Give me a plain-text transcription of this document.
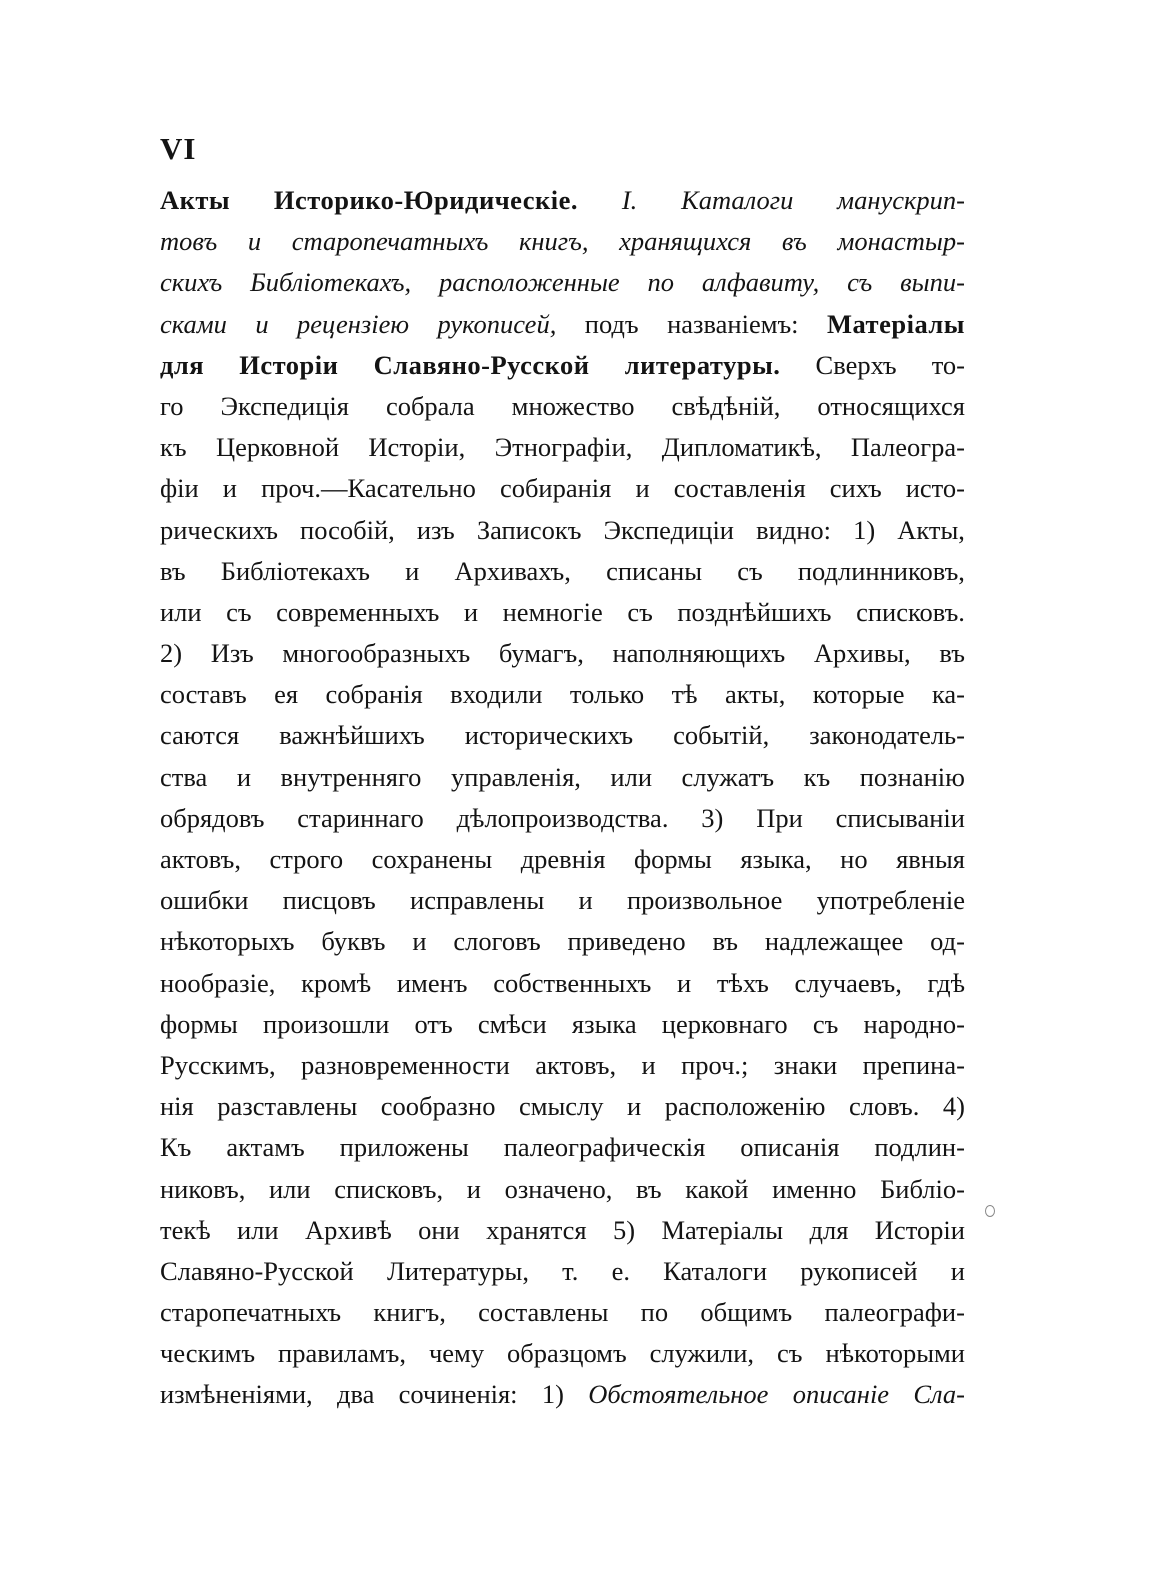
VI
Акты Историко-Юридическіе. I. Каталоги манускрип-
товъ и старопечатныхъ книгъ, хранящихся въ монастыр-
скихъ Библіотекахъ, расположенные по алфавиту, съ выпи-
сками и рецензіею рукописей, подъ названіемъ: Матеріалы
для Исторіи Славяно-Русской литературы. Сверхъ то-
го Экспедиція собрала множество свѣдѣній, относящихся
къ Церковной Исторіи, Этнографіи, Дипломатикѣ, Палеогра-
фіи и проч.—Касательно собиранія и составленія сихъ исто-
рическихъ пособій, изъ Записокъ Экспедиціи видно: 1) Акты,
въ Библіотекахъ и Архивахъ, списаны съ подлинниковъ,
или съ современныхъ и немногіе съ позднѣйшихъ списковъ.
2) Изъ многообразныхъ бумагъ, наполняющихъ Архивы, въ
составъ ея собранія входили только тѣ акты, которые ка-
саются важнѣйшихъ историческихъ событій, законодатель-
ства и внутренняго управленія, или служатъ къ познанію
обрядовъ стариннаго дѣлопроизводства. 3) При списываніи
актовъ, строго сохранены древнія формы языка, но явныя
ошибки писцовъ исправлены и произвольное употребленіе
нѣкоторыхъ буквъ и слоговъ приведено въ надлежащее од-
нообразіе, кромѣ именъ собственныхъ и тѣхъ случаевъ, гдѣ
формы произошли отъ смѣси языка церковнаго съ народно-
Русскимъ, разновременности актовъ, и проч.; знаки препина-
нія разставлены сообразно смыслу и расположенію словъ. 4)
Къ актамъ приложены палеографическія описанія подлин-
никовъ, или списковъ, и означено, въ какой именно Библіо-
текѣ или Архивѣ они хранятся 5) Матеріалы для Исторіи
Славяно-Русской Литературы, т. е. Каталоги рукописей и
старопечатныхъ книгъ, составлены по общимъ палеографи-
ческимъ правиламъ, чему образцомъ служили, съ нѣкоторыми
измѣненіями, два сочиненія: 1) Обстоятельное описаніе Сла-
